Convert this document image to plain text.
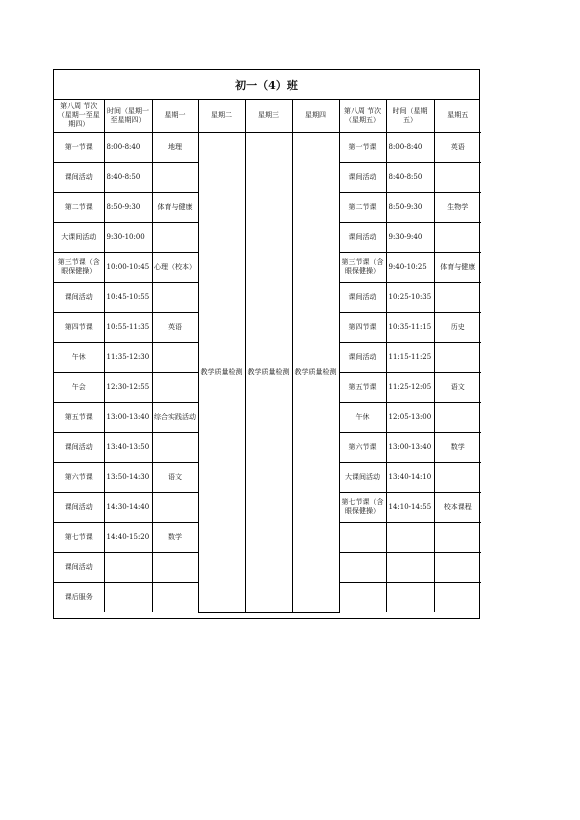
初一（4）班
第八周 节次（星期一至星期四）	时间（星期一至星期四）	星期一	星期二	星期三	星期四	第八周 节次（星期五）	时间（星期五）	星期五
第一节课	8:00-8:40	地理	教学质量检测	教学质量检测	教学质量检测	第一节课	8:00-8:40	英语
课间活动	8:40-8:50					课间活动	8:40-8:50	
第二节课	8:50-9:30	体育与健康				第二节课	8:50-9:30	生物学
大课间活动	9:30-10:00					课间活动	9:30-9:40	
第三节课（含眼保健操）	10:00-10:45	心理（校本）				第三节课（含眼保健操）	9:40-10:25	体育与健康
课间活动	10:45-10:55					课间活动	10:25-10:35	
第四节课	10:55-11:35	英语				第四节课	10:35-11:15	历史
午休	11:35-12:30					课间活动	11:15-11:25	
午会	12:30-12:55					第五节课	11:25-12:05	语文
第五节课	13:00-13:40	综合实践活动				午休	12:05-13:00	
课间活动	13:40-13:50					第六节课	13:00-13:40	数学
第六节课	13:50-14:30	语文				大课间活动	13:40-14:10	
课间活动	14:30-14:40					第七节课（含眼保健操）	14:10-14:55	校本课程
第七节课	14:40-15:20	数学						
课间活动								
课后服务								
